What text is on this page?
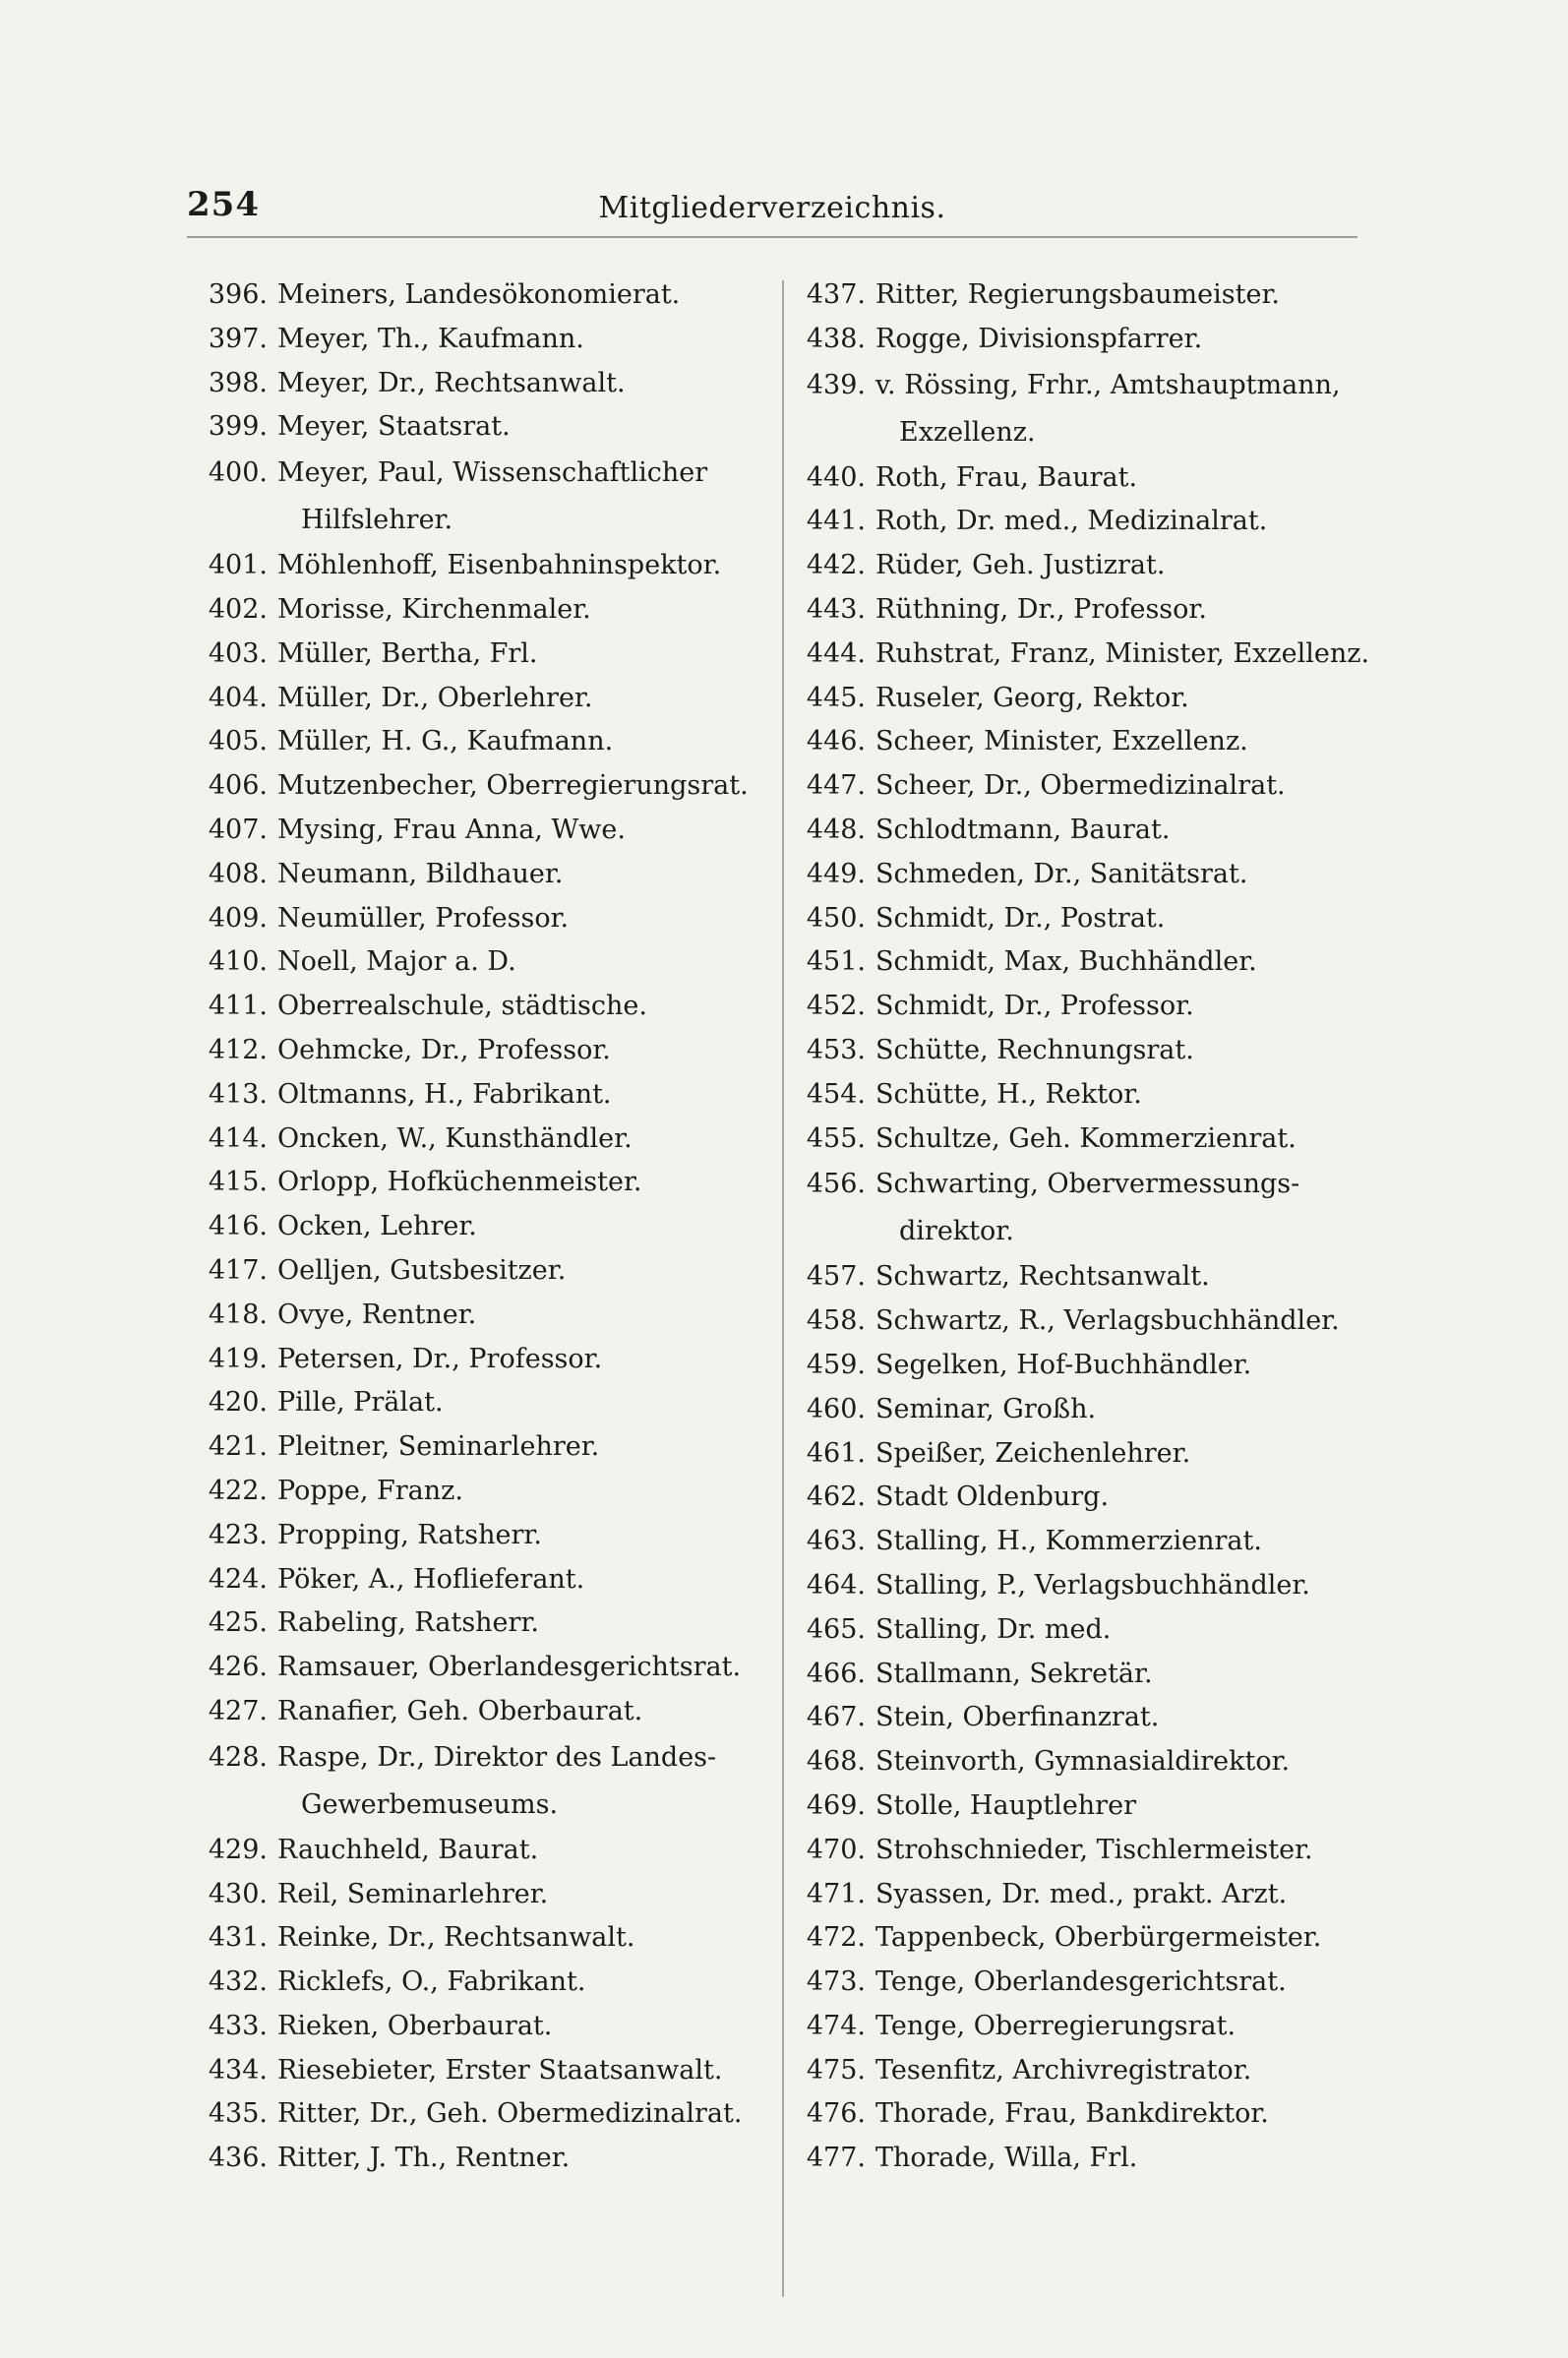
254	Mitgliederverzeichnis.
396. Meiners, Landesökonomierat.
397. Meyer, Th., Kaufmann.
398. Meyer, Dr., Rechtsanwalt.
399. Meyer, Staatsrat.
400. Meyer, Paul, Wissenschaftlicher
Hilfslehrer.
401. Möhlenhoff, Eisenbahninspektor.
402. Morisse, Kirchenmaler.
403. Müller, Bertha, Frl.
404. Müller, Dr., Oberlehrer.
405. Müller, H. G., Kaufmann.
406. Mutzenbecher, Oberregierungsrat.
407. Mysing, Frau Anna, Wwe.
408. Neumann, Bildhauer.
409. Neumüller, Professor.
410. Noell, Major a. D.
411. Oberrealschule, städtische.
412. Oehmcke, Dr., Professor.
413. Oltmanns, H., Fabrikant.
414. Oncken, W., Kunsthändler.
415. Orlopp, Hofküchenmeister.
416. Ocken, Lehrer.
417. Oelljen, Gutsbesitzer.
418. Ovye, Rentner.
419. Petersen, Dr., Professor.
420. Pille, Prälat.
421. Pleitner, Seminarlehrer.
422. Poppe, Franz.
423. Propping, Ratsherr.
424. Pöker, A., Hoflieferant.
425. Rabeling, Ratsherr.
426. Ramsauer, Oberlandesgerichtsrat.
427. Ranafier, Geh. Oberbaurat.
428. Raspe, Dr., Direktor des Landes-
Gewerbemuseums.
429. Rauchheld, Baurat.
430. Reil, Seminarlehrer.
431. Reinke, Dr., Rechtsanwalt.
432. Ricklefs, O., Fabrikant.
433. Rieken, Oberbaurat.
434. Riesebieter, Erster Staatsanwalt.
435. Ritter, Dr., Geh. Obermedizinalrat.
436. Ritter, J. Th., Rentner.
437. Ritter, Regierungsbaumeister.
438. Rogge, Divisionspfarrer.
439. v. Rössing, Frhr., Amtshauptmann,
Exzellenz.
440. Roth, Frau, Baurat.
441. Roth, Dr. med., Medizinalrat.
442. Rüder, Geh. Justizrat.
443. Rüthning, Dr., Professor.
444. Ruhstrat, Franz, Minister, Exzellenz.
445. Ruseler, Georg, Rektor.
446. Scheer, Minister, Exzellenz.
447. Scheer, Dr., Obermedizinalrat.
448. Schlodtmann, Baurat.
449. Schmeden, Dr., Sanitätsrat.
450. Schmidt, Dr., Postrat.
451. Schmidt, Max, Buchhändler.
452. Schmidt, Dr., Professor.
453. Schütte, Rechnungsrat.
454. Schütte, H., Rektor.
455. Schultze, Geh. Kommerzienrat.
456. Schwarting, Obervermessungs-
direktor.
457. Schwartz, Rechtsanwalt.
458. Schwartz, R., Verlagsbuchhändler.
459. Segelken, Hof-Buchhändler.
460. Seminar, Großh.
461. Speißer, Zeichenlehrer.
462. Stadt Oldenburg.
463. Stalling, H., Kommerzienrat.
464. Stalling, P., Verlagsbuchhändler.
465. Stalling, Dr. med.
466. Stallmann, Sekretär.
467. Stein, Oberfinanzrat.
468. Steinvorth, Gymnasialdirektor.
469. Stolle, Hauptlehrer
470. Strohschnieder, Tischlermeister.
471. Syassen, Dr. med., prakt. Arzt.
472. Tappenbeck, Oberbürgermeister.
473. Tenge, Oberlandesgerichtsrat.
474. Tenge, Oberregierungsrat.
475. Tesenfitz, Archivregistrator.
476. Thorade, Frau, Bankdirektor.
477. Thorade, Willa, Frl.
